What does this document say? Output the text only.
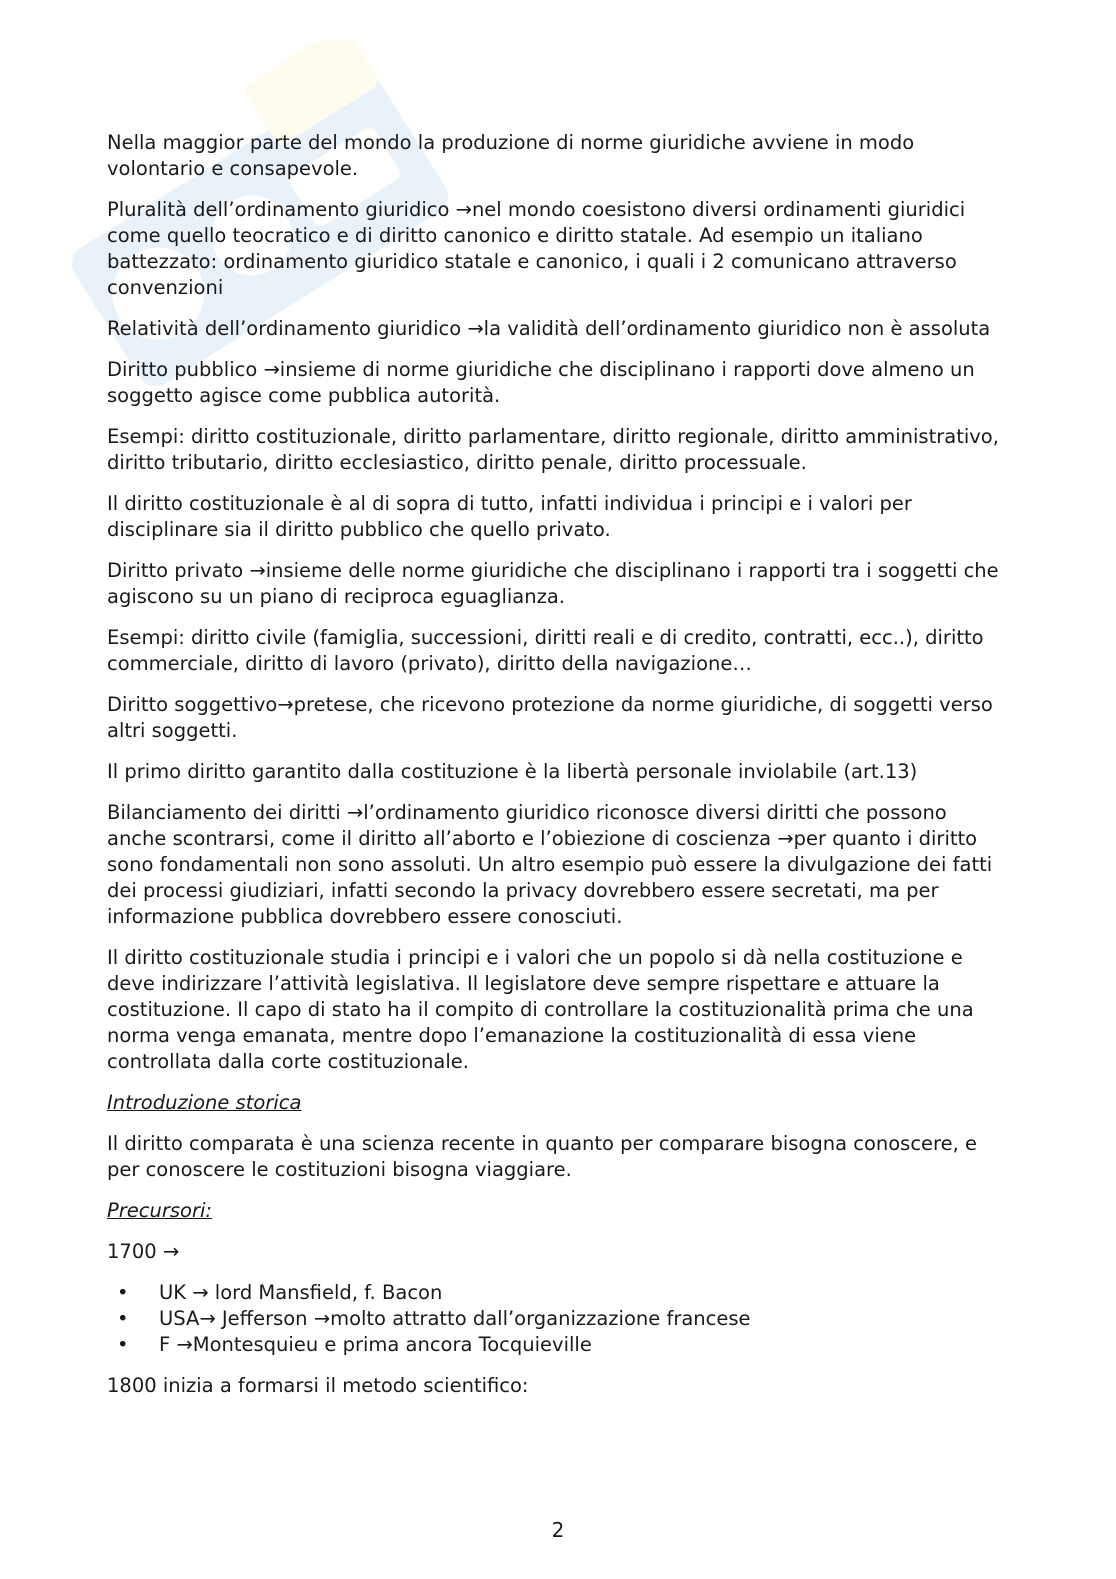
Nella maggior parte del mondo la produzione di norme giuridiche avviene in modo volontario e consapevole.

Pluralità dell’ordinamento giuridico →nel mondo coesistono diversi ordinamenti giuridici come quello teocratico e di diritto canonico e diritto statale. Ad esempio un italiano battezzato: ordinamento giuridico statale e canonico, i quali i 2 comunicano attraverso convenzioni

Relatività dell’ordinamento giuridico →la validità dell’ordinamento giuridico non è assoluta

Diritto pubblico →insieme di norme giuridiche che disciplinano i rapporti dove almeno un soggetto agisce come pubblica autorità.

Esempi: diritto costituzionale, diritto parlamentare, diritto regionale, diritto amministrativo, diritto tributario, diritto ecclesiastico, diritto penale, diritto processuale.

Il diritto costituzionale è al di sopra di tutto, infatti individua i principi e i valori per disciplinare sia il diritto pubblico che quello privato.

Diritto privato →insieme delle norme giuridiche che disciplinano i rapporti tra i soggetti che agiscono su un piano di reciproca eguaglianza.

Esempi: diritto civile (famiglia, successioni, diritti reali e di credito, contratti, ecc..), diritto commerciale, diritto di lavoro (privato), diritto della navigazione…

Diritto soggettivo→pretese, che ricevono protezione da norme giuridiche, di soggetti verso altri soggetti.

Il primo diritto garantito dalla costituzione è la libertà personale inviolabile (art.13)

Bilanciamento dei diritti →l’ordinamento giuridico riconosce diversi diritti che possono anche scontrarsi, come il diritto all’aborto e l’obiezione di coscienza →per quanto i diritto sono fondamentali non sono assoluti. Un altro esempio può essere la divulgazione dei fatti dei processi giudiziari, infatti secondo la privacy dovrebbero essere secretati, ma per informazione pubblica dovrebbero essere conosciuti.

Il diritto costituzionale studia i principi e i valori che un popolo si dà nella costituzione e deve indirizzare l’attività legislativa. Il legislatore deve sempre rispettare e attuare la costituzione. Il capo di stato ha il compito di controllare la costituzionalità prima che una norma venga emanata, mentre dopo l’emanazione la costituzionalità di essa viene controllata dalla corte costituzionale.

Introduzione storica

Il diritto comparata è una scienza recente in quanto per comparare bisogna conoscere, e per conoscere le costituzioni bisogna viaggiare.

Precursori:

1700 →

• UK → lord Mansfield, f. Bacon
• USA→ Jefferson →molto attratto dall’organizzazione francese
• F →Montesquieu e prima ancora Tocquieville

1800 inizia a formarsi il metodo scientifico:

2
